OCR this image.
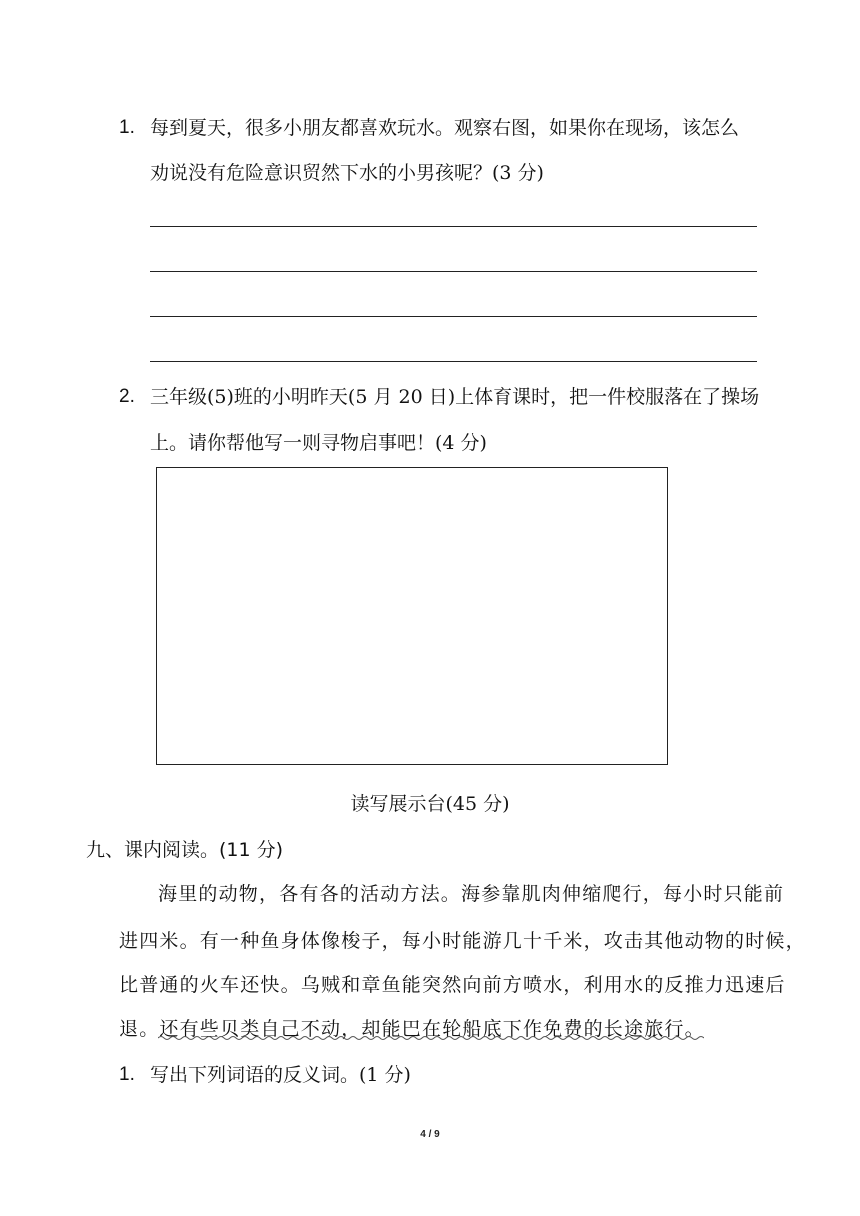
1. 每到夏天，很多小朋友都喜欢玩水。观察右图，如果你在现场，该怎么
劝说没有危险意识贸然下水的小男孩呢？(3 分)
2. 三年级(5)班的小明昨天(5 月 20 日)上体育课时，把一件校服落在了操场
上。请你帮他写一则寻物启事吧！(4 分)
读写展示台(45 分)
九、课内阅读。(11 分)
海里的动物，各有各的活动方法。海参靠肌肉伸缩爬行，每小时只能前
进四米。有一种鱼身体像梭子，每小时能游几十千米，攻击其他动物的时候，
比普通的火车还快。乌贼和章鱼能突然向前方喷水，利用水的反推力迅速后
退。还有些贝类自己不动，却能巴在轮船底下作免费的长途旅行。
1. 写出下列词语的反义词。(1 分)
4 / 9
